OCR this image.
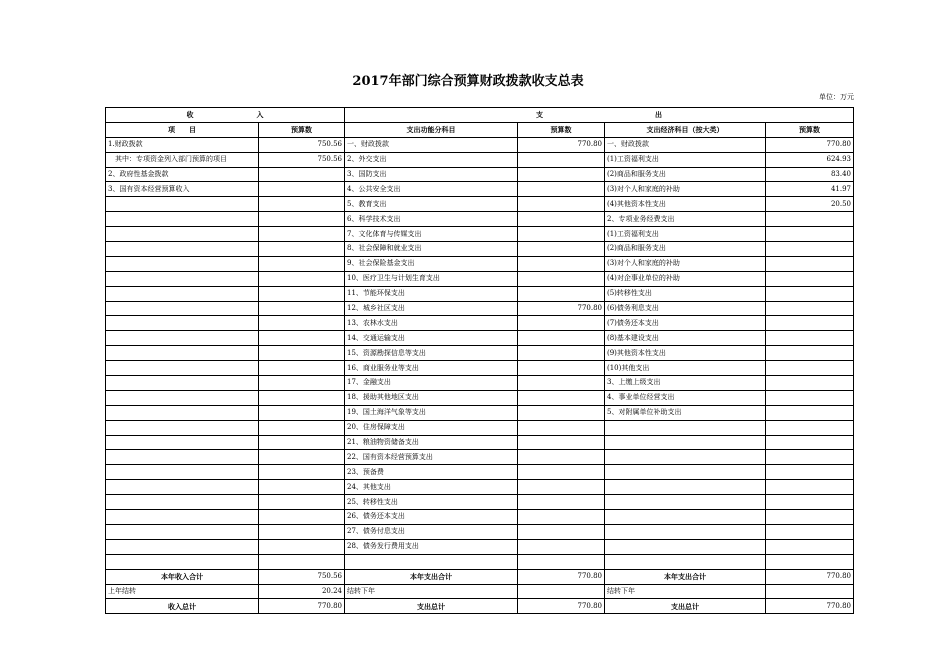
2017年部门综合预算财政拨款收支总表
单位：万元
收　　　　　　　　　入		支　　　　　　　　　　　　　　　　出			
项　　目	预算数	支出功能分科目	预算数	支出经济科目（按大类）	预算数
1.财政拨款	750.56	一、财政拨款	770.80	一、财政拨款	770.80
　其中：专项资金列入部门预算的项目	750.56	2、外交支出		(1)工资福利支出	624.93
2、政府性基金拨款		3、国防支出		(2)商品和服务支出	83.40
3、国有资本经营预算收入		4、公共安全支出		(3)对个人和家庭的补助	41.97
		5、教育支出		(4)其他资本性支出	20.50
		6、科学技术支出		2、专项业务经费支出	
		7、文化体育与传媒支出		(1)工资福利支出	
		8、社会保障和就业支出		(2)商品和服务支出	
		9、社会保险基金支出		(3)对个人和家庭的补助	
		10、医疗卫生与计划生育支出		(4)对企事业单位的补助	
		11、节能环保支出		(5)转移性支出	
		12、城乡社区支出	770.80	(6)债务利息支出	
		13、农林水支出		(7)债务还本支出	
		14、交通运输支出		(8)基本建设支出	
		15、资源勘探信息等支出		(9)其他资本性支出	
		16、商业服务业等支出		(10)其他支出	
		17、金融支出		3、上缴上级支出	
		18、援助其他地区支出		4、事业单位经营支出	
		19、国土海洋气象等支出		5、对附属单位补助支出	
		20、住房保障支出			
		21、粮油物资储备支出			
		22、国有资本经营预算支出			
		23、预备费			
		24、其他支出			
		25、转移性支出			
		26、债务还本支出			
		27、债务付息支出			
		28、债务发行费用支出			

本年收入合计	750.56	本年支出合计	770.80	本年支出合计	770.80
上年结转	20.24	结转下年		结转下年	
收入总计	770.80	支出总计	770.80	支出总计	770.80
